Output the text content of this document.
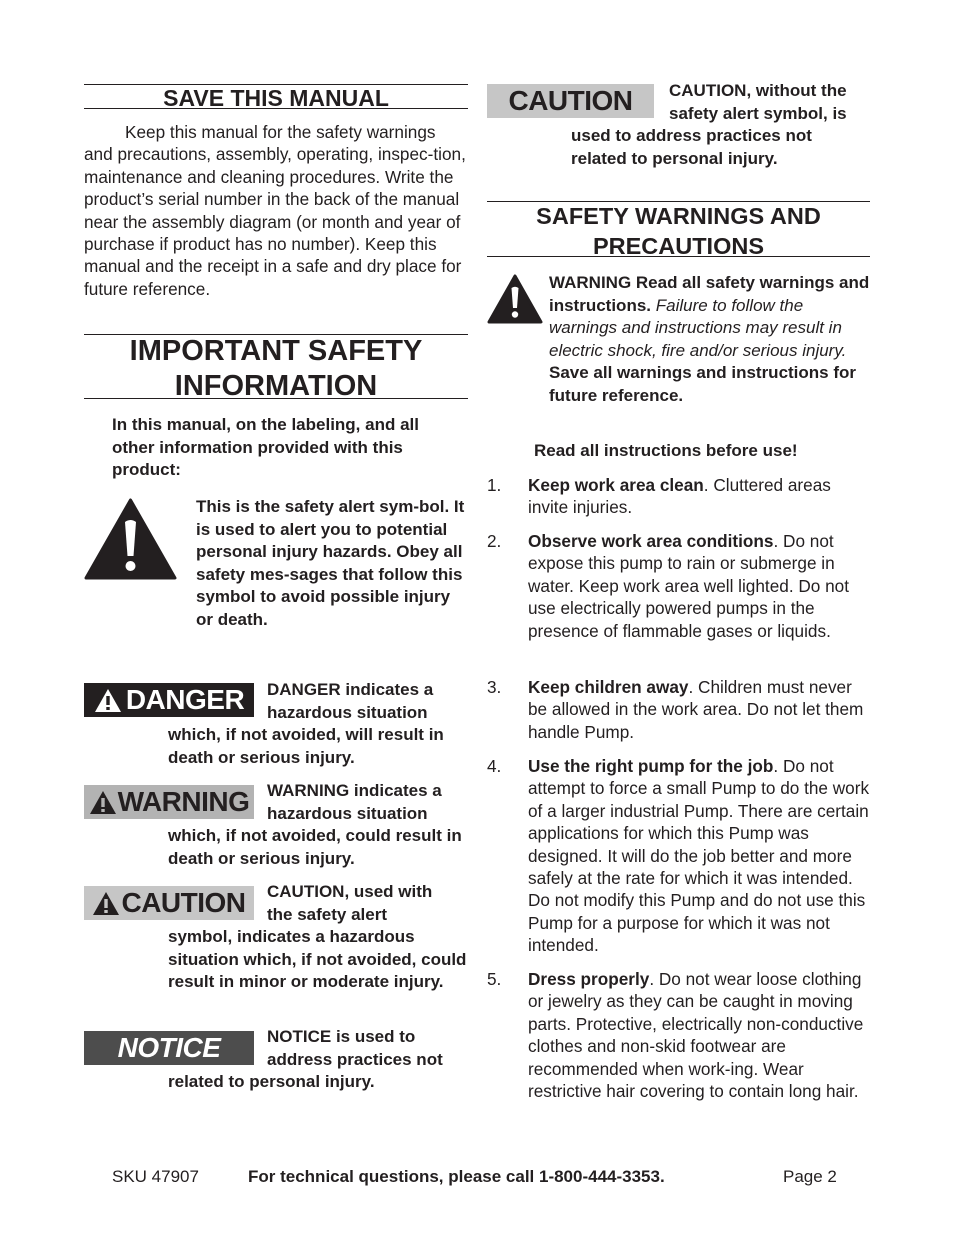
SAVE THIS MANUAL
Keep this manual for the safety warnings and precautions, assembly, operating, inspec-tion, maintenance and cleaning procedures. Write the product’s serial number in the back of the manual near the assembly diagram (or month and year of purchase if product has no number). Keep this manual and the receipt in a safe and dry place for future reference.
IMPORTANT SAFETY
INFORMATION
In this manual, on the labeling, and all other information provided with this product:
This is the safety alert sym-bol. It is used to alert you to potential personal injury hazards. Obey all safety mes-sages that follow this symbol to avoid possible injury or death.
DANGER	DANGER indicates a
hazardous situation
which, if not avoided, will result in death or serious injury.
WARNING	WARNING indicates a
hazardous situation
which, if not avoided, could result in death or serious injury.
CAUTION	CAUTION, used with
the safety alert
symbol, indicates a hazardous situation which, if not avoided, could result in minor or moderate injury.
NOTICE	NOTICE is used to
address practices not
related to personal injury.
CAUTION	CAUTION, without the
safety alert symbol, is
used to address practices not related to personal injury.
SAFETY WARNINGS AND
PRECAUTIONS
WARNING Read all safety warnings and instructions. Failure to follow the warnings and instructions may result in electric shock, fire and/or serious injury.
Save all warnings and instructions for future reference.
Read all instructions before use!
1. Keep work area clean. Cluttered areas invite injuries.
2. Observe work area conditions. Do not expose this pump to rain or submerge in water. Keep work area well lighted. Do not use electrically powered pumps in the presence of flammable gases or liquids.
3. Keep children away. Children must never be allowed in the work area. Do not let them handle Pump.
4. Use the right pump for the job. Do not attempt to force a small Pump to do the work of a larger industrial Pump. There are certain applications for which this Pump was designed. It will do the job better and more safely at the rate for which it was intended. Do not modify this Pump and do not use this Pump for a purpose for which it was not intended.
5. Dress properly. Do not wear loose clothing or jewelry as they can be caught in moving parts. Protective, electrically non-conductive clothes and non-skid footwear are recommended when work-ing. Wear restrictive hair covering to contain long hair.
SKU 47907	For technical questions, please call 1-800-444-3353.	Page 2
